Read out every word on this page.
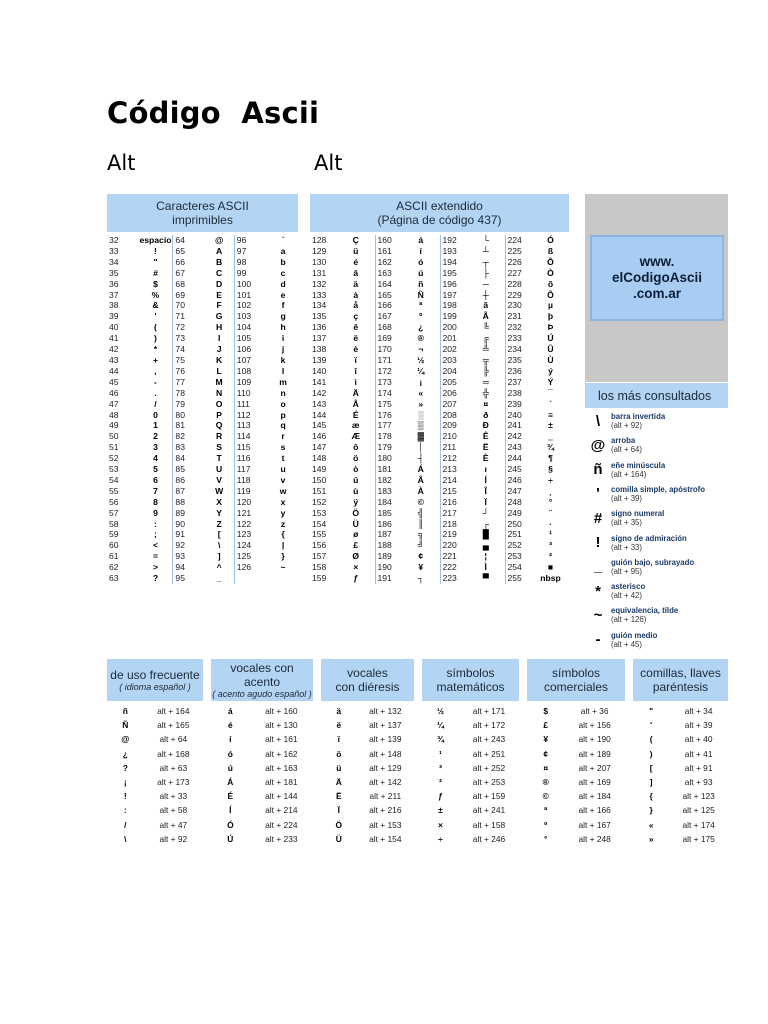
Código  Ascii

Alt	Alt

Caracteres ASCII
imprimibles
32	espacio	64	@	96	`
33	!	65	A	97	a
34	"	66	B	98	b
35	#	67	C	99	c
36	$	68	D	100	d
37	%	69	E	101	e
38	&	70	F	102	f
39	'	71	G	103	g
40	(	72	H	104	h
41	)	73	I	105	i
42	*	74	J	106	j
43	+	75	K	107	k
44	,	76	L	108	l
45	-	77	M	109	m
46	.	78	N	110	n
47	/	79	O	111	o
48	0	80	P	112	p
49	1	81	Q	113	q
50	2	82	R	114	r
51	3	83	S	115	s
52	4	84	T	116	t
53	5	85	U	117	u
54	6	86	V	118	v
55	7	87	W	119	w
56	8	88	X	120	x
57	9	89	Y	121	y
58	:	90	Z	122	z
59	;	91	[	123	{
60	<	92	\	124	|
61	=	93	]	125	}
62	>	94	^	126	~
63	?	95	_		
ASCII extendido
(Página de código 437)
128	Ç	160	á	192	└	224	Ó
129	ü	161	í	193	┴	225	ß
130	é	162	ó	194	┬	226	Ô
131	â	163	ú	195	├	227	Ò
132	ä	164	ñ	196	─	228	õ
133	à	165	Ñ	197	┼	229	Õ
134	å	166	ª	198	ã	230	µ
135	ç	167	º	199	Ã	231	þ
136	ê	168	¿	200	╚	232	Þ
137	ë	169	®	201	╔	233	Ú
138	è	170	¬	202	╩	234	Û
139	ï	171	½	203	╦	235	Ù
140	î	172	¼	204	╠	236	ý
141	ì	173	¡	205	═	237	Ý
142	Ä	174	«	206	╬	238	¯
143	Å	175	»	207	¤	239	´
144	É	176	░	208	ð	240	≡
145	æ	177	▒	209	Ð	241	±
146	Æ	178	▓	210	Ê	242	‗
147	ô	179	│	211	Ë	243	¾
148	ö	180	┤	212	È	244	¶
149	ò	181	Á	213	ı	245	§
150	û	182	Â	214	Í	246	÷
151	ù	183	À	215	Î	247	¸
152	ÿ	184	©	216	Ï	248	°
153	Ö	185	╣	217	┘	249	¨
154	Ü	186	║	218	┌	250	·
155	ø	187	╗	219	█	251	¹
156	£	188	╝	220	▄	252	³
157	Ø	189	¢	221	¦	253	²
158	×	190	¥	222	Ì	254	■
159	ƒ	191	┐	223	▀	255	nbsp
www.
elCodigoAscii
.com.ar
los más consultados
\	barra invertida
(alt + 92)
@ arroba
(alt + 64)
ñ	eñe minúscula
(alt + 164)
'	comilla simple, apóstrofo
(alt + 39)
#	signo numeral
(alt + 35)
!	signo de admiración
(alt + 33)
_	guión bajo, subrayado
(alt + 95)
*	asterisco
(alt + 42)
~	equivalencia, tilde
(alt + 126)
-	guión medio
(alt + 45)
de uso frecuente
( idioma español )
ñ	alt + 164
Ñ	alt + 165
@	alt + 64
¿	alt + 168
?	alt + 63
¡	alt + 173
!	alt + 33
:	alt + 58
/	alt + 47
\	alt + 92
vocales con acento
( acento agudo español )
á	alt + 160
é	alt + 130
í	alt + 161
ó	alt + 162
ú	alt + 163
Á	alt + 181
É	alt + 144
Í	alt + 214
Ó	alt + 224
Ú	alt + 233
vocales
con diéresis
ä	alt + 132
ë	alt + 137
ï	alt + 139
ö	alt + 148
ü	alt + 129
Ä	alt + 142
Ë	alt + 211
Ï	alt + 216
Ö	alt + 153
Ü	alt + 154
símbolos
matemáticos
½	alt + 171
¼	alt + 172
¾	alt + 243
¹	alt + 251
³	alt + 252
²	alt + 253
ƒ	alt + 159
±	alt + 241
×	alt + 158
÷	alt + 246
símbolos
comerciales
$	alt + 36
£	alt + 156
¥	alt + 190
¢	alt + 189
¤	alt + 207
®	alt + 169
©	alt + 184
ª	alt + 166
º	alt + 167
°	alt + 248
comillas, llaves
paréntesis
"	alt + 34
'	alt + 39
(	alt + 40
)	alt + 41
[	alt + 91
]	alt + 93
{	alt + 123
}	alt + 125
«	alt + 174
»	alt + 175
